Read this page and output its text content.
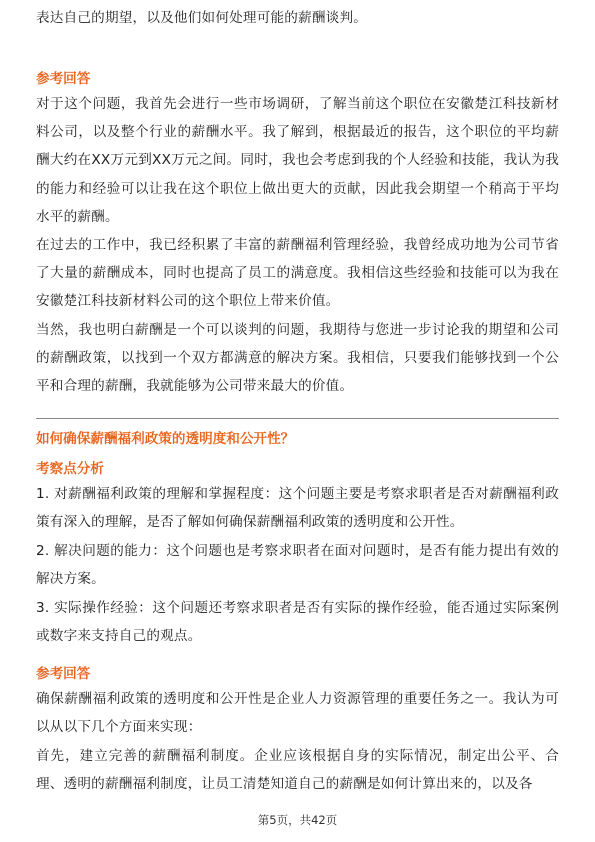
表达自己的期望，以及他们如何处理可能的薪酬谈判。

参考回答

对于这个问题，我首先会进行一些市场调研，了解当前这个职位在安徽楚江科技新材料公司，以及整个行业的薪酬水平。我了解到，根据最近的报告，这个职位的平均薪酬大约在XX万元到XX万元之间。同时，我也会考虑到我的个人经验和技能，我认为我的能力和经验可以让我在这个职位上做出更大的贡献，因此我会期望一个稍高于平均水平的薪酬。

在过去的工作中，我已经积累了丰富的薪酬福利管理经验，我曾经成功地为公司节省了大量的薪酬成本，同时也提高了员工的满意度。我相信这些经验和技能可以为我在安徽楚江科技新材料公司的这个职位上带来价值。

当然，我也明白薪酬是一个可以谈判的问题，我期待与您进一步讨论我的期望和公司的薪酬政策，以找到一个双方都满意的解决方案。我相信，只要我们能够找到一个公平和合理的薪酬，我就能够为公司带来最大的价值。

如何确保薪酬福利政策的透明度和公开性？

考察点分析

1. 对薪酬福利政策的理解和掌握程度：这个问题主要是考察求职者是否对薪酬福利政策有深入的理解，是否了解如何确保薪酬福利政策的透明度和公开性。

2. 解决问题的能力：这个问题也是考察求职者在面对问题时，是否有能力提出有效的解决方案。

3. 实际操作经验：这个问题还考察求职者是否有实际的操作经验，能否通过实际案例或数字来支持自己的观点。

参考回答

确保薪酬福利政策的透明度和公开性是企业人力资源管理的重要任务之一。我认为可以从以下几个方面来实现：

首先，建立完善的薪酬福利制度。企业应该根据自身的实际情况，制定出公平、合理、透明的薪酬福利制度，让员工清楚知道自己的薪酬是如何计算出来的，以及各

第5页，共42页
